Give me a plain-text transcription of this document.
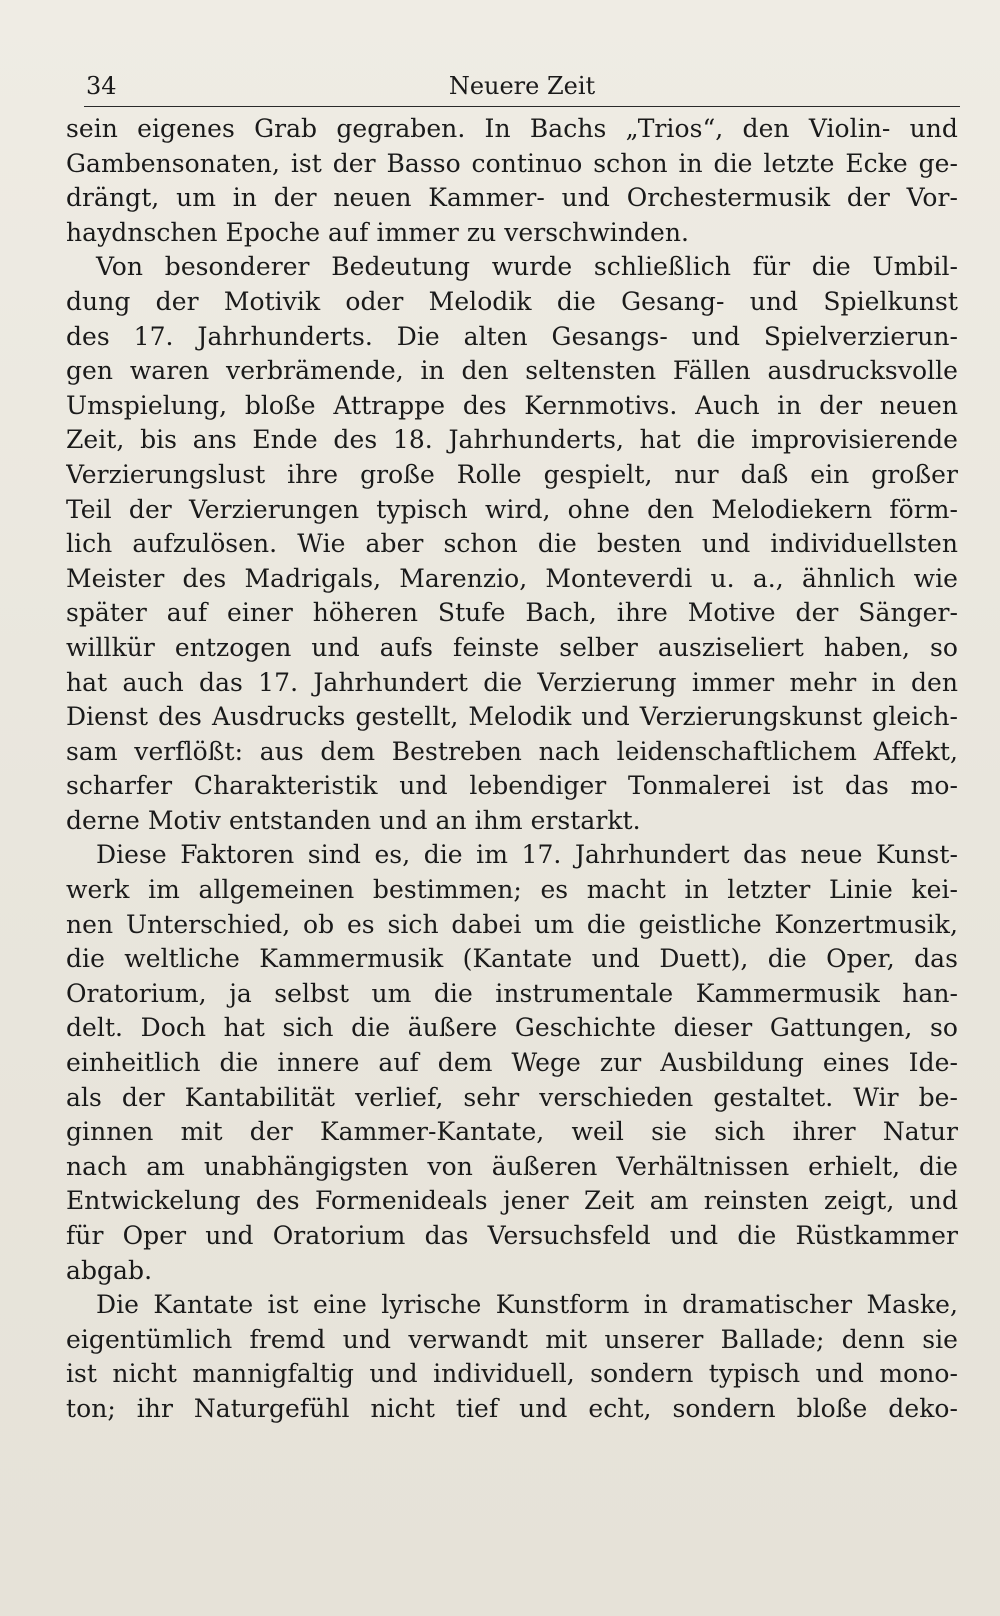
34	Neuere Zeit
sein eigenes Grab gegraben. In Bachs „Trios“, den Violin- und
Gambensonaten, ist der Basso continuo schon in die letzte Ecke ge-
drängt, um in der neuen Kammer- und Orchestermusik der Vor-
haydnschen Epoche auf immer zu verschwinden.
Von besonderer Bedeutung wurde schließlich für die Umbil-
dung der Motivik oder Melodik die Gesang- und Spielkunst
des 17. Jahrhunderts. Die alten Gesangs- und Spielverzierun-
gen waren verbrämende, in den seltensten Fällen ausdrucksvolle
Umspielung, bloße Attrappe des Kernmotivs. Auch in der neuen
Zeit, bis ans Ende des 18. Jahrhunderts, hat die improvisierende
Verzierungslust ihre große Rolle gespielt, nur daß ein großer
Teil der Verzierungen typisch wird, ohne den Melodiekern förm-
lich aufzulösen. Wie aber schon die besten und individuellsten
Meister des Madrigals, Marenzio, Monteverdi u. a., ähnlich wie
später auf einer höheren Stufe Bach, ihre Motive der Sänger-
willkür entzogen und aufs feinste selber ausziseliert haben, so
hat auch das 17. Jahrhundert die Verzierung immer mehr in den
Dienst des Ausdrucks gestellt, Melodik und Verzierungskunst gleich-
sam verflößt: aus dem Bestreben nach leidenschaftlichem Affekt,
scharfer Charakteristik und lebendiger Tonmalerei ist das mo-
derne Motiv entstanden und an ihm erstarkt.
Diese Faktoren sind es, die im 17. Jahrhundert das neue Kunst-
werk im allgemeinen bestimmen; es macht in letzter Linie kei-
nen Unterschied, ob es sich dabei um die geistliche Konzertmusik,
die weltliche Kammermusik (Kantate und Duett), die Oper, das
Oratorium, ja selbst um die instrumentale Kammermusik han-
delt. Doch hat sich die äußere Geschichte dieser Gattungen, so
einheitlich die innere auf dem Wege zur Ausbildung eines Ide-
als der Kantabilität verlief, sehr verschieden gestaltet. Wir be-
ginnen mit der Kammer-Kantate, weil sie sich ihrer Natur
nach am unabhängigsten von äußeren Verhältnissen erhielt, die
Entwickelung des Formenideals jener Zeit am reinsten zeigt, und
für Oper und Oratorium das Versuchsfeld und die Rüstkammer
abgab.
Die Kantate ist eine lyrische Kunstform in dramatischer Maske,
eigentümlich fremd und verwandt mit unserer Ballade; denn sie
ist nicht mannigfaltig und individuell, sondern typisch und mono-
ton; ihr Naturgefühl nicht tief und echt, sondern bloße deko-
